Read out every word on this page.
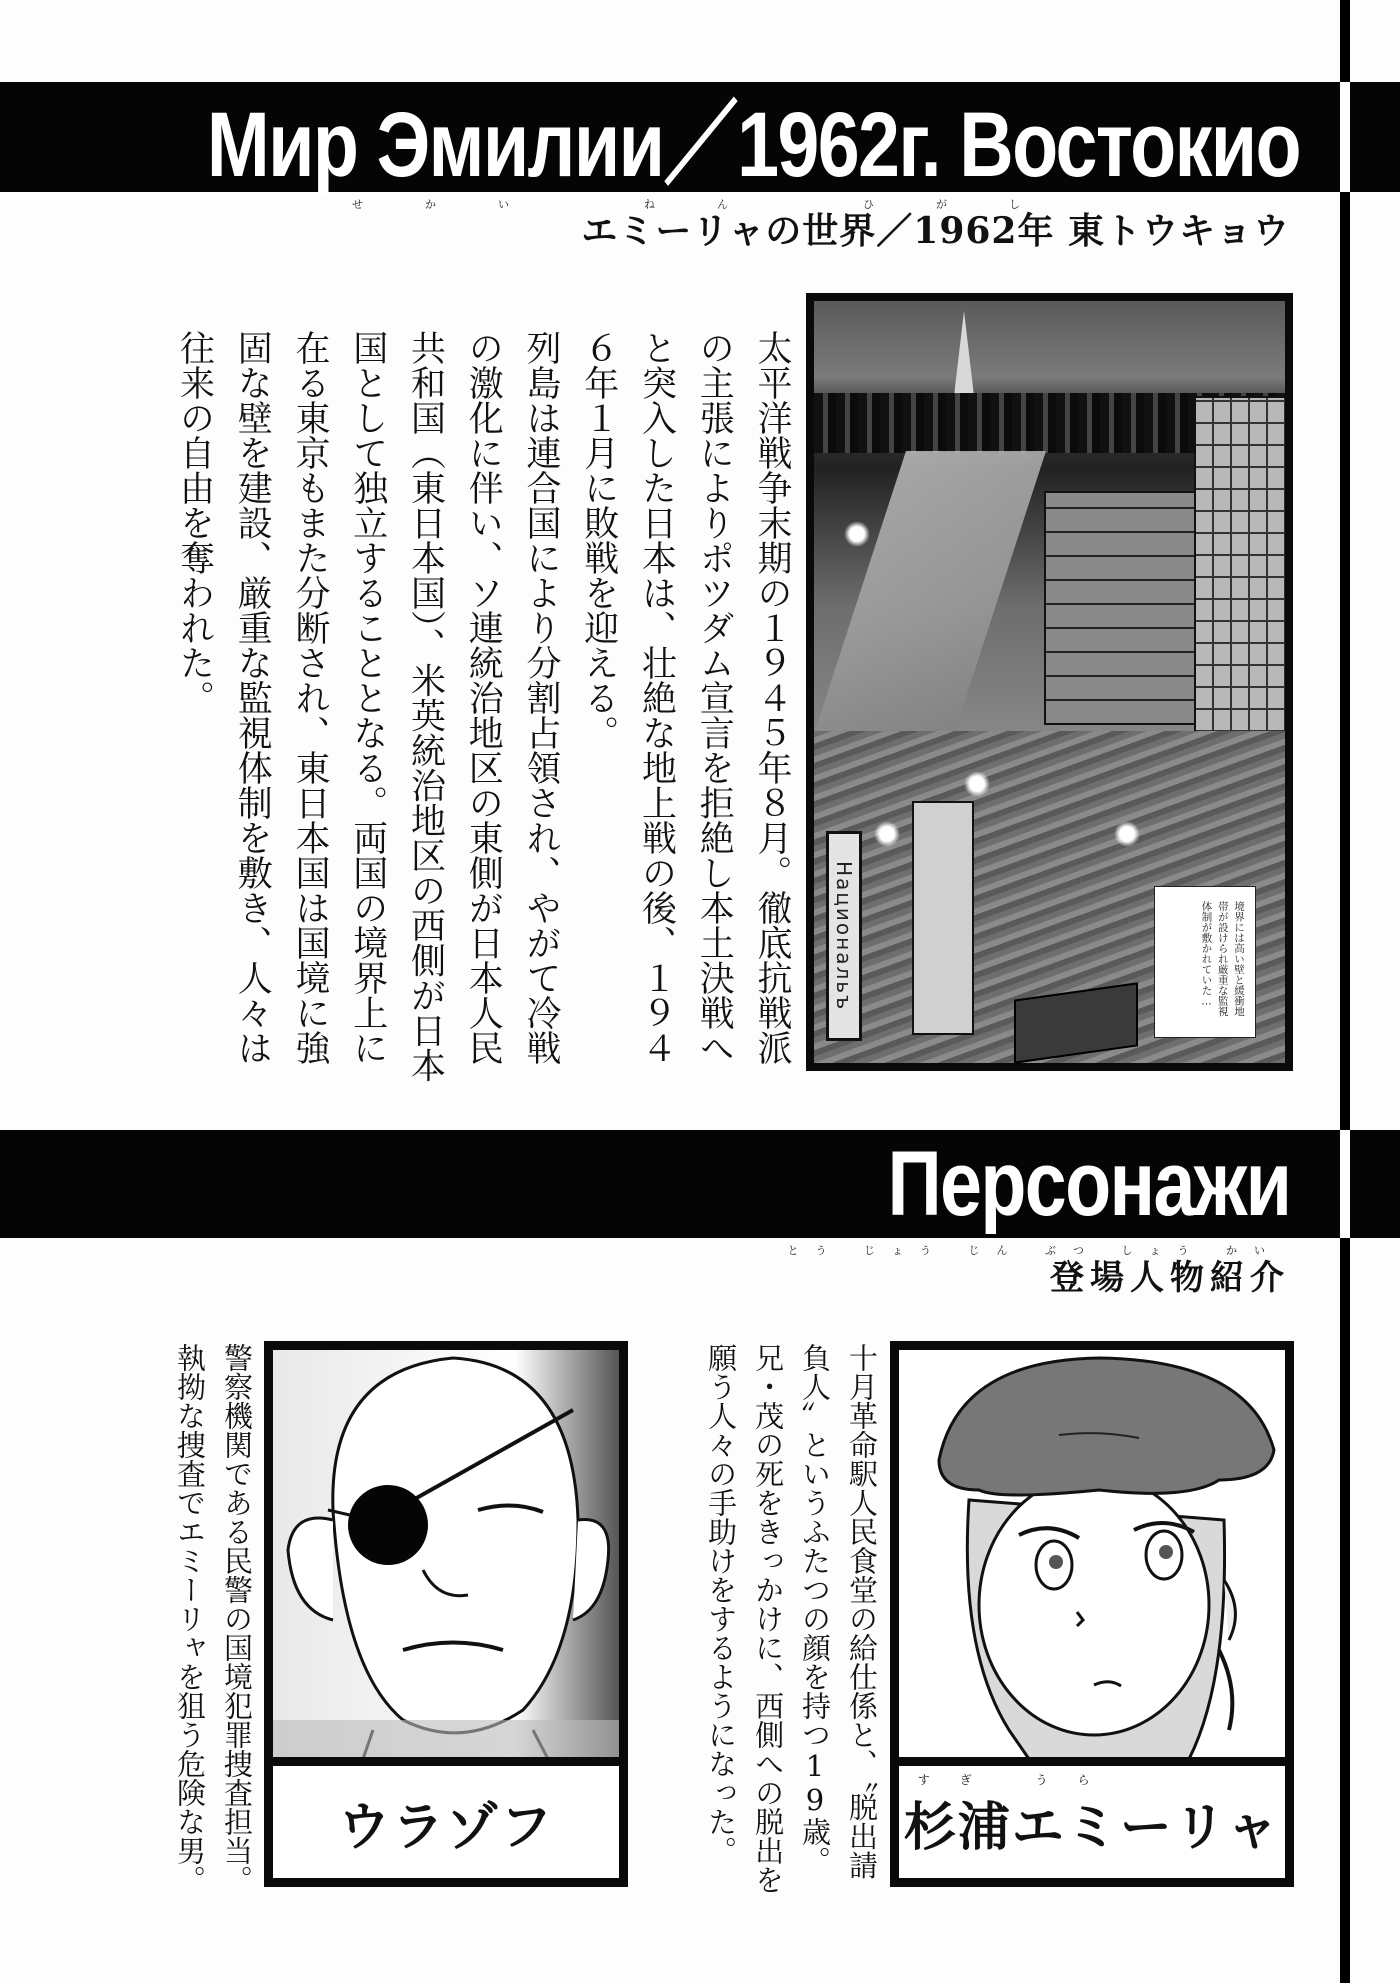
Мир Эмилии／1962г. Востокио
せかい　ねん　ひがし
エミーリャの世界／1962年 東トウキョウ

太平洋戦争末期の１９４５年８月。徹底抗戦派の主張によりポツダム宣言を拒絶し本土決戦へと突入した日本は、壮絶な地上戦の後、１９４６年１月に敗戦を迎える。

列島は連合国により分割占領され、やがて冷戦の激化に伴い、ソ連統治地区の東側が日本人民共和国（東日本国）、米英統治地区の西側が日本国として独立することとなる。両国の境界上に在る東京もまた分断され、東日本国は国境に強固な壁を建設、厳重な監視体制を敷き、人々は往来の自由を奪われた。

Национальъ	境界には高い壁と緩衝地帯が設けられ厳重な監視体制が敷かれていた…
Персонажи
とう じょう じん ぶつ しょう かい
登場人物紹介
すぎ うら
杉浦エミーリャ
十月革命駅人民食堂の給仕係と、〝脱出請負人〟というふたつの顔を持つ19歳。兄・茂の死をきっかけに、西側への脱出を願う人々の手助けをするようになった。
ウラゾフ
警察機関である民警の国境犯罪捜査担当。執拗な捜査でエミーリャを狙う危険な男。
